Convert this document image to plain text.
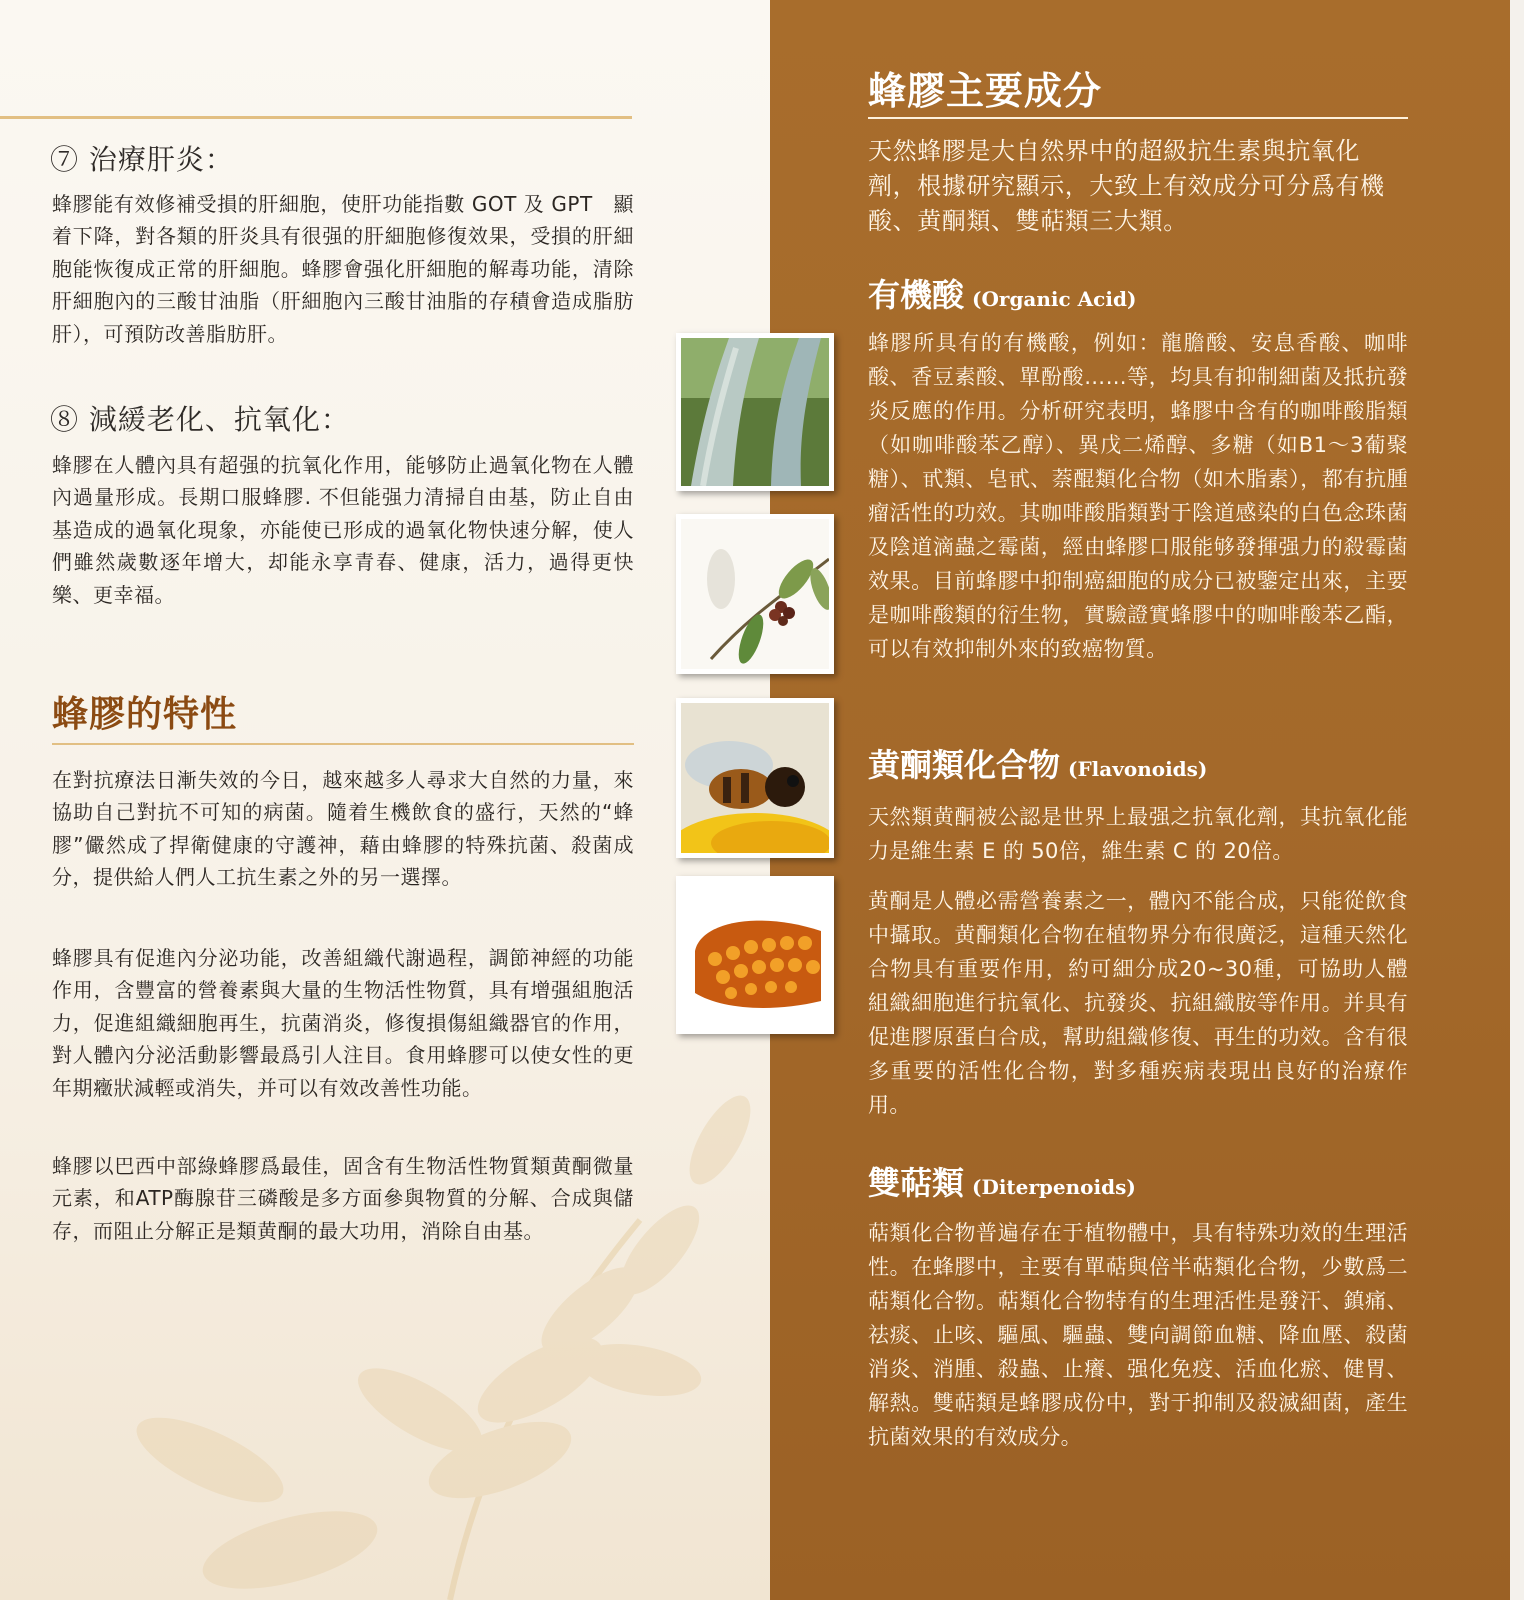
⑦ 治療肝炎：
蜂膠能有效修補受損的肝細胞，使肝功能指數 GOT 及 GPT　顯着下降，對各類的肝炎具有很强的肝細胞修復效果，受損的肝細胞能恢復成正常的肝細胞。蜂膠會强化肝細胞的解毒功能，清除肝細胞內的三酸甘油脂（肝細胞內三酸甘油脂的存積會造成脂肪肝），可預防改善脂肪肝。
⑧ 減緩老化、抗氧化：
蜂膠在人體內具有超强的抗氧化作用，能够防止過氧化物在人體內過量形成。長期口服蜂膠. 不但能强力清掃自由基，防止自由基造成的過氧化現象，亦能使已形成的過氧化物快速分解，使人們雖然歲數逐年增大，却能永享青春、健康，活力，過得更快樂、更幸福。
蜂膠的特性
在對抗療法日漸失效的今日，越來越多人尋求大自然的力量，來協助自己對抗不可知的病菌。隨着生機飲食的盛行，天然的“蜂膠”儼然成了捍衛健康的守護神，藉由蜂膠的特殊抗菌、殺菌成分，提供給人們人工抗生素之外的另一選擇。
蜂膠具有促進內分泌功能，改善組織代謝過程，調節神經的功能作用，含豐富的營養素與大量的生物活性物質，具有增强組胞活力，促進組織細胞再生，抗菌消炎，修復損傷組織器官的作用，對人體內分泌活動影響最爲引人注目。食用蜂膠可以使女性的更年期癥狀減輕或消失，并可以有效改善性功能。
蜂膠以巴西中部綠蜂膠爲最佳，固含有生物活性物質類黄酮微量元素，和ATP酶腺苷三磷酸是多方面參與物質的分解、合成與儲存，而阻止分解正是類黄酮的最大功用，消除自由基。
蜂膠主要成分
天然蜂膠是大自然界中的超級抗生素與抗氧化劑，根據研究顯示，大致上有效成分可分爲有機酸、黄酮類、雙萜類三大類。
有機酸 (Organic Acid)
蜂膠所具有的有機酸，例如：龍膽酸、安息香酸、咖啡酸、香豆素酸、單酚酸……等，均具有抑制細菌及抵抗發炎反應的作用。分析研究表明，蜂膠中含有的咖啡酸脂類（如咖啡酸苯乙醇）、異戊二烯醇、多糖（如B1～3葡聚糖）、甙類、皂甙、萘醌類化合物（如木脂素），都有抗腫瘤活性的功效。其咖啡酸脂類對于陰道感染的白色念珠菌及陰道滴蟲之霉菌，經由蜂膠口服能够發揮强力的殺霉菌效果。目前蜂膠中抑制癌細胞的成分已被鑒定出來，主要是咖啡酸類的衍生物，實驗證實蜂膠中的咖啡酸苯乙酯，可以有效抑制外來的致癌物質。
黄酮類化合物 (Flavonoids)
天然類黄酮被公認是世界上最强之抗氧化劑，其抗氧化能力是維生素 E 的 50倍，維生素 C 的 20倍。
黄酮是人體必需營養素之一，體內不能合成，只能從飲食中攝取。黄酮類化合物在植物界分布很廣泛，這種天然化合物具有重要作用，約可細分成20~30種，可協助人體組織細胞進行抗氧化、抗發炎、抗組織胺等作用。并具有促進膠原蛋白合成，幫助組織修復、再生的功效。含有很多重要的活性化合物，對多種疾病表現出良好的治療作用。
雙萜類 (Diterpenoids)
萜類化合物普遍存在于植物體中，具有特殊功效的生理活性。在蜂膠中，主要有單萜與倍半萜類化合物，少數爲二萜類化合物。萜類化合物特有的生理活性是發汗、鎮痛、祛痰、止咳、驅風、驅蟲、雙向調節血糖、降血壓、殺菌消炎、消腫、殺蟲、止癢、强化免疫、活血化瘀、健胃、解熱。雙萜類是蜂膠成份中，對于抑制及殺滅細菌，產生抗菌效果的有效成分。
